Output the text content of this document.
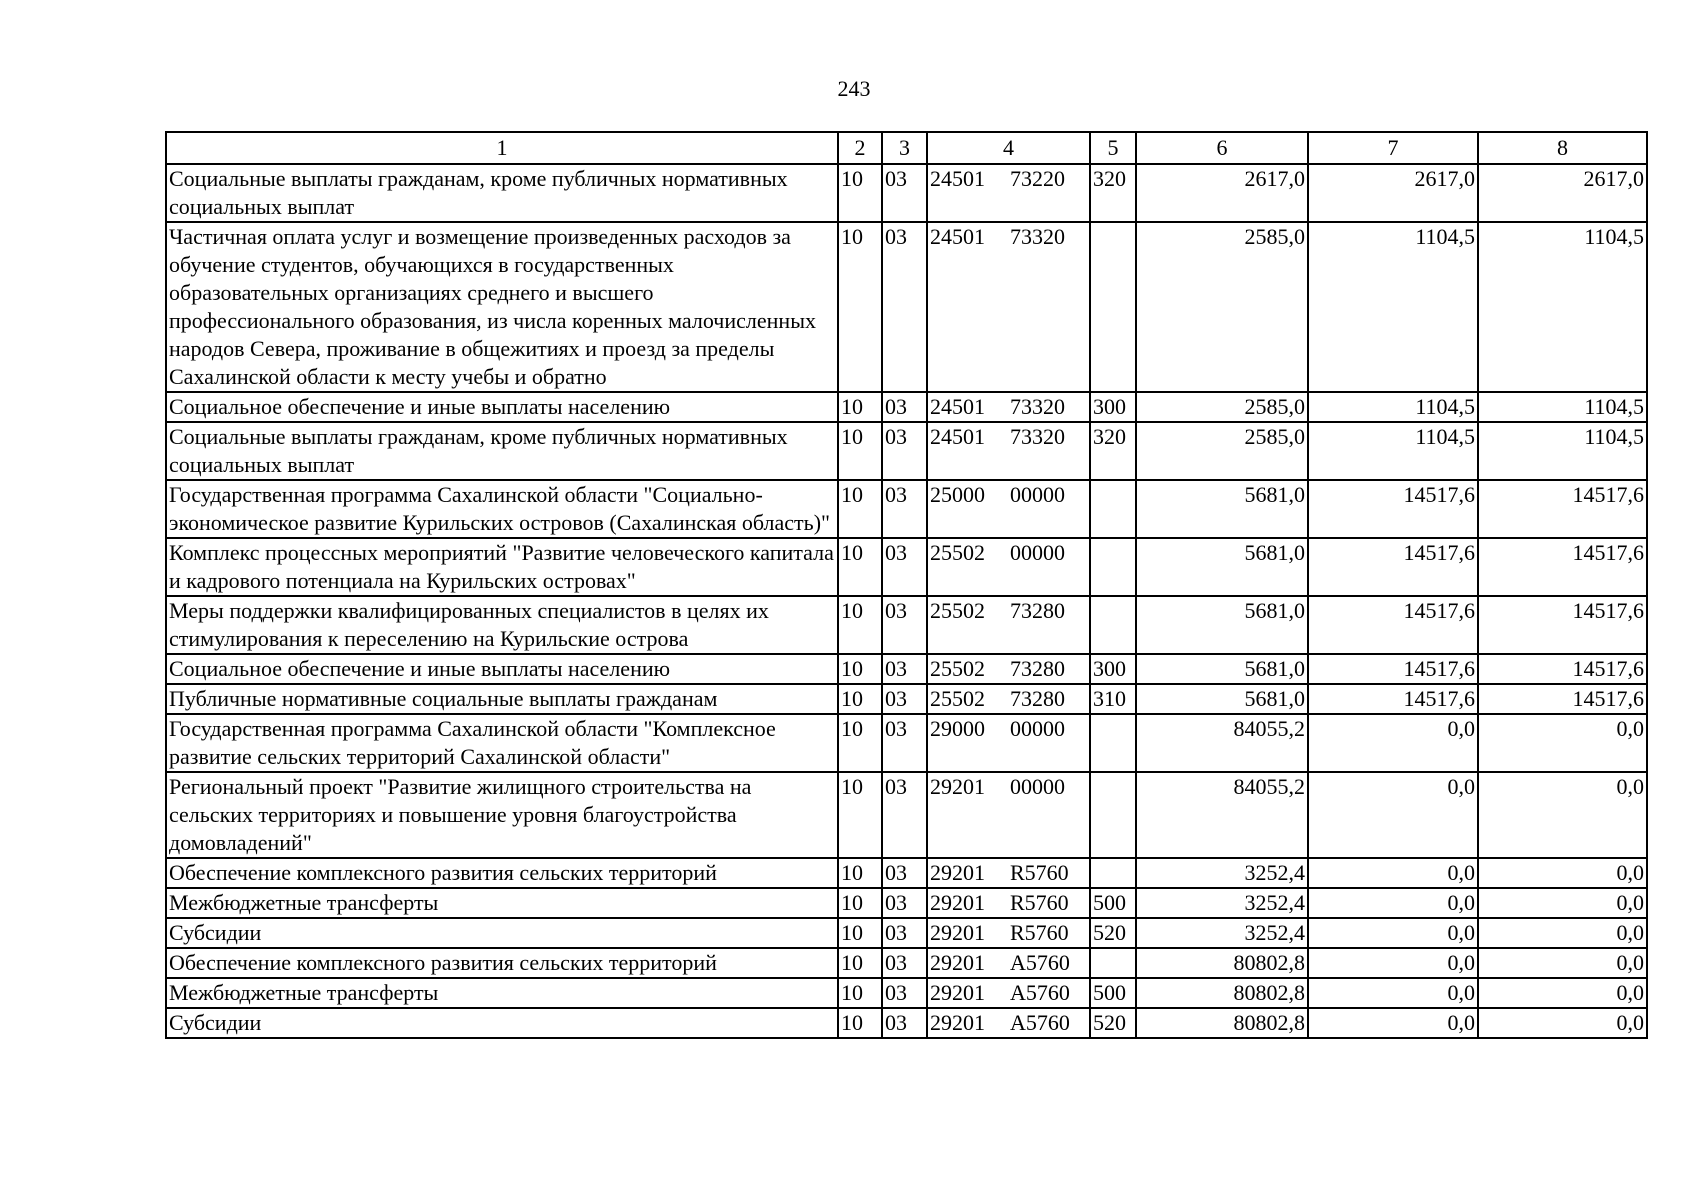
243
1	2	3	4	5	6	7	8
Социальные выплаты гражданам, кроме публичных нормативных социальных выплат	10	03	24501 73220	320	2617,0	2617,0	2617,0
Частичная оплата услуг и возмещение произведенных расходов за обучение студентов, обучающихся в государственных образовательных организациях среднего и высшего профессионального образования, из числа коренных малочисленных народов Севера, проживание в общежитиях и проезд за пределы Сахалинской области к месту учебы и обратно	10	03	24501 73320		2585,0	1104,5	1104,5
Социальное обеспечение и иные выплаты населению	10	03	24501 73320	300	2585,0	1104,5	1104,5
Социальные выплаты гражданам, кроме публичных нормативных социальных выплат	10	03	24501 73320	320	2585,0	1104,5	1104,5
Государственная программа Сахалинской области "Социально-экономическое развитие Курильских островов (Сахалинская область)"	10	03	25000 00000		5681,0	14517,6	14517,6
Комплекс процессных мероприятий "Развитие человеческого капитала и кадрового потенциала на Курильских островах"	10	03	25502 00000		5681,0	14517,6	14517,6
Меры поддержки квалифицированных специалистов в целях их стимулирования к переселению на Курильские острова	10	03	25502 73280		5681,0	14517,6	14517,6
Социальное обеспечение и иные выплаты населению	10	03	25502 73280	300	5681,0	14517,6	14517,6
Публичные нормативные социальные выплаты гражданам	10	03	25502 73280	310	5681,0	14517,6	14517,6
Государственная программа Сахалинской области "Комплексное развитие сельских территорий Сахалинской области"	10	03	29000 00000		84055,2	0,0	0,0
Региональный проект "Развитие жилищного строительства на сельских территориях и повышение уровня благоустройства домовладений"	10	03	29201 00000		84055,2	0,0	0,0
Обеспечение комплексного развития сельских территорий	10	03	29201 R5760		3252,4	0,0	0,0
Межбюджетные трансферты	10	03	29201 R5760	500	3252,4	0,0	0,0
Субсидии	10	03	29201 R5760	520	3252,4	0,0	0,0
Обеспечение комплексного развития сельских территорий	10	03	29201 A5760		80802,8	0,0	0,0
Межбюджетные трансферты	10	03	29201 A5760	500	80802,8	0,0	0,0
Субсидии	10	03	29201 A5760	520	80802,8	0,0	0,0
